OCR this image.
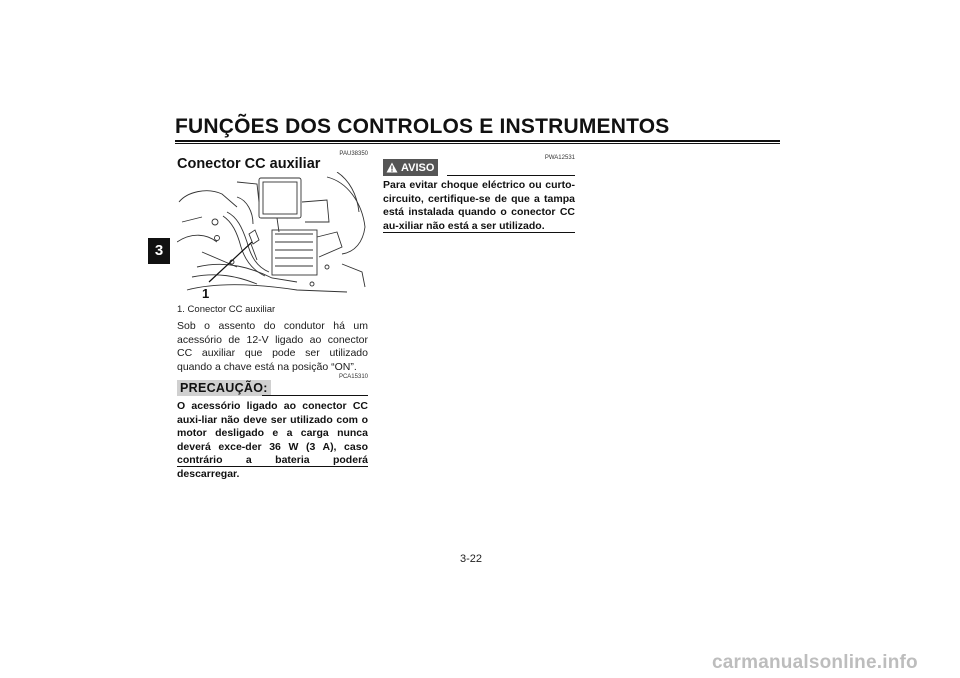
FUNÇÕES DOS CONTROLOS E INSTRUMENTOS
3
PAU38350
Conector CC auxiliar
1
1. Conector CC auxiliar
Sob o assento do condutor há um acessório de 12-V ligado ao conector CC auxiliar que pode ser utilizado quando a chave está na posição “ON”.
PCA15310
PRECAUÇÃO:
O acessório ligado ao conector CC auxi-liar não deve ser utilizado com o motor desligado e a carga nunca deverá exce-der 36 W (3 A), caso contrário a bateria poderá descarregar.
PWA12531
AVISO
Para evitar choque eléctrico ou curto-circuito, certifique-se de que a tampa está instalada quando o conector CC au-xiliar não está a ser utilizado.
3-22
carmanualsonline.info
